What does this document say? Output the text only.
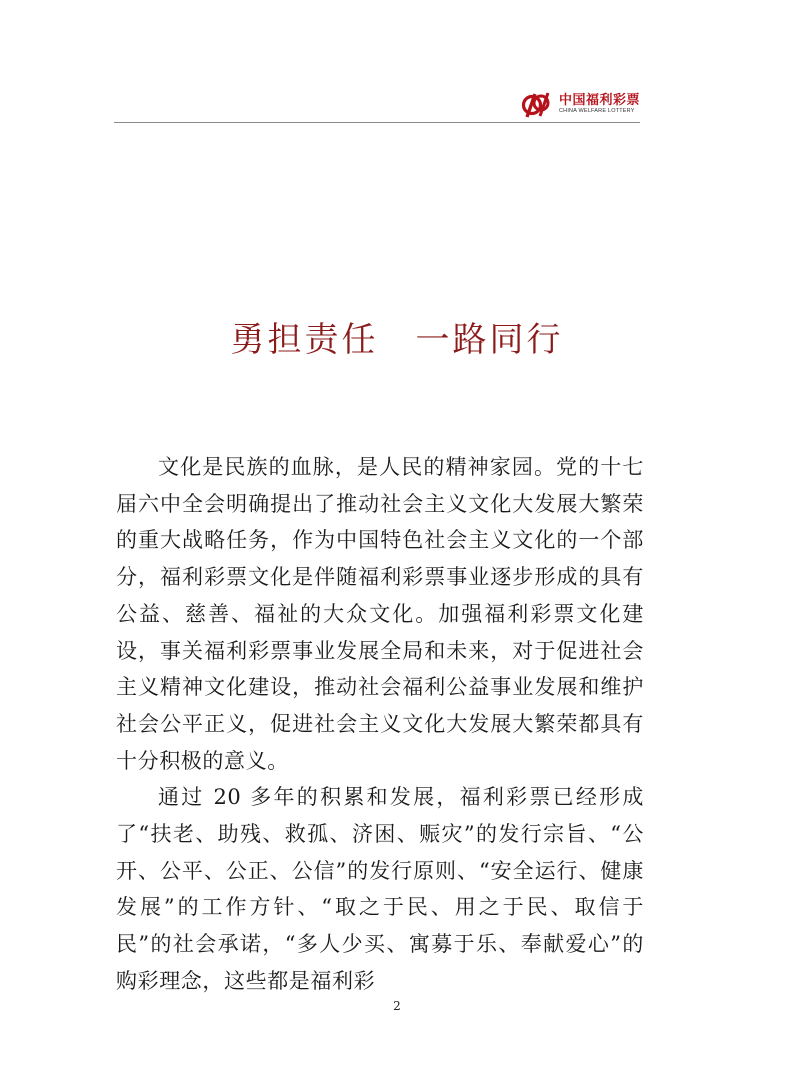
中国福利彩票
CHINA WELFARE LOTTERY
勇担责任　一路同行

文化是民族的血脉，是人民的精神家园。党的十七届六中全会明确提出了推动社会主义文化大发展大繁荣的重大战略任务，作为中国特色社会主义文化的一个部分，福利彩票文化是伴随福利彩票事业逐步形成的具有公益、慈善、福祉的大众文化。加强福利彩票文化建设，事关福利彩票事业发展全局和未来，对于促进社会主义精神文化建设，推动社会福利公益事业发展和维护社会公平正义，促进社会主义文化大发展大繁荣都具有十分积极的意义。

通过 20 多年的积累和发展，福利彩票已经形成了“扶老、助残、救孤、济困、赈灾”的发行宗旨、“公开、公平、公正、公信”的发行原则、“安全运行、健康发展”的工作方针、“取之于民、用之于民、取信于民”的社会承诺，“多人少买、寓募于乐、奉献爱心”的购彩理念，这些都是福利彩

2
